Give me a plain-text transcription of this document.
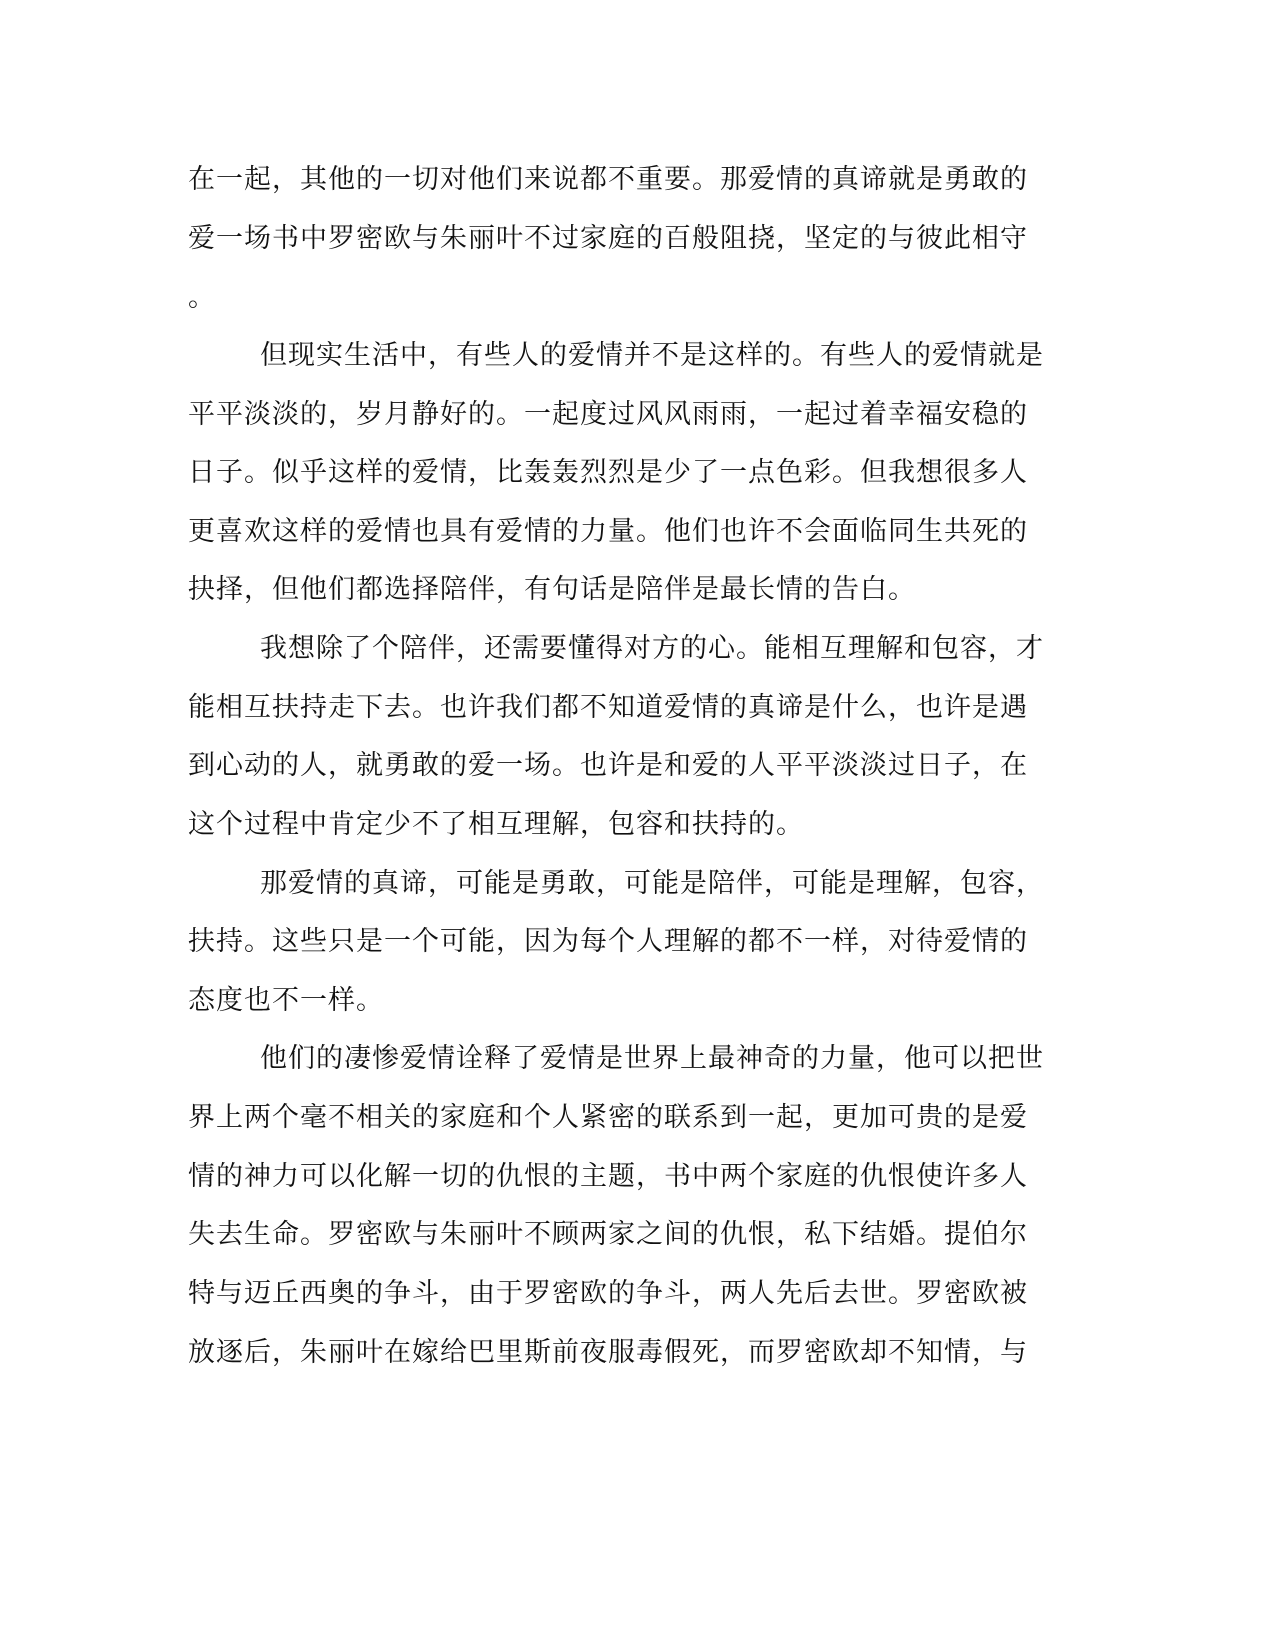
在一起，其他的一切对他们来说都不重要。那爱情的真谛就是勇敢的
爱一场书中罗密欧与朱丽叶不过家庭的百般阻挠，坚定的与彼此相守
。
但现实生活中，有些人的爱情并不是这样的。有些人的爱情就是
平平淡淡的，岁月静好的。一起度过风风雨雨，一起过着幸福安稳的
日子。似乎这样的爱情，比轰轰烈烈是少了一点色彩。但我想很多人
更喜欢这样的爱情也具有爱情的力量。他们也许不会面临同生共死的
抉择，但他们都选择陪伴，有句话是陪伴是最长情的告白。
我想除了个陪伴，还需要懂得对方的心。能相互理解和包容，才
能相互扶持走下去。也许我们都不知道爱情的真谛是什么，也许是遇
到心动的人，就勇敢的爱一场。也许是和爱的人平平淡淡过日子，在
这个过程中肯定少不了相互理解，包容和扶持的。
那爱情的真谛，可能是勇敢，可能是陪伴，可能是理解，包容，
扶持。这些只是一个可能，因为每个人理解的都不一样，对待爱情的
态度也不一样。
他们的凄惨爱情诠释了爱情是世界上最神奇的力量，他可以把世
界上两个毫不相关的家庭和个人紧密的联系到一起，更加可贵的是爱
情的神力可以化解一切的仇恨的主题，书中两个家庭的仇恨使许多人
失去生命。罗密欧与朱丽叶不顾两家之间的仇恨，私下结婚。提伯尔
特与迈丘西奥的争斗，由于罗密欧的争斗，两人先后去世。罗密欧被
放逐后，朱丽叶在嫁给巴里斯前夜服毒假死，而罗密欧却不知情，与
